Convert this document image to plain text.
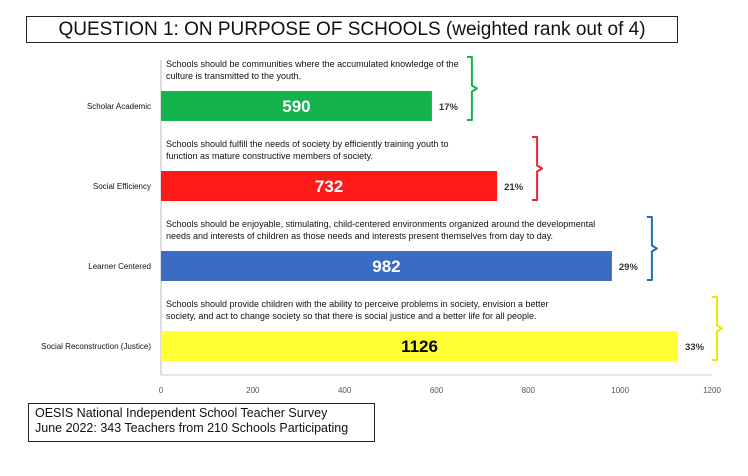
QUESTION 1: ON PURPOSE OF SCHOOLS (weighted rank out of 4)
0	200	400	600	800	1000	1200
Schools should be communities where the accumulated knowledge of the
culture is transmitted to the youth.
590	17%
Scholar Academic
Schools should fulfill the needs of society by efficiently training youth to
function as mature constructive members of society.
732	21%
Social Efficiency
Schools should be enjoyable, stimulating, child-centered environments organized around the developmental
needs and interests of children as those needs and interests present themselves from day to day.
982	29%
Learner Centered
Schools should provide children with the ability to perceive problems in society, envision a better
society, and act to change society so that there is social justice and a better life for all people.
1126	33%
Social Reconstruction (Justice)
OESIS National Independent School Teacher Survey
June 2022: 343 Teachers from 210 Schools Participating
